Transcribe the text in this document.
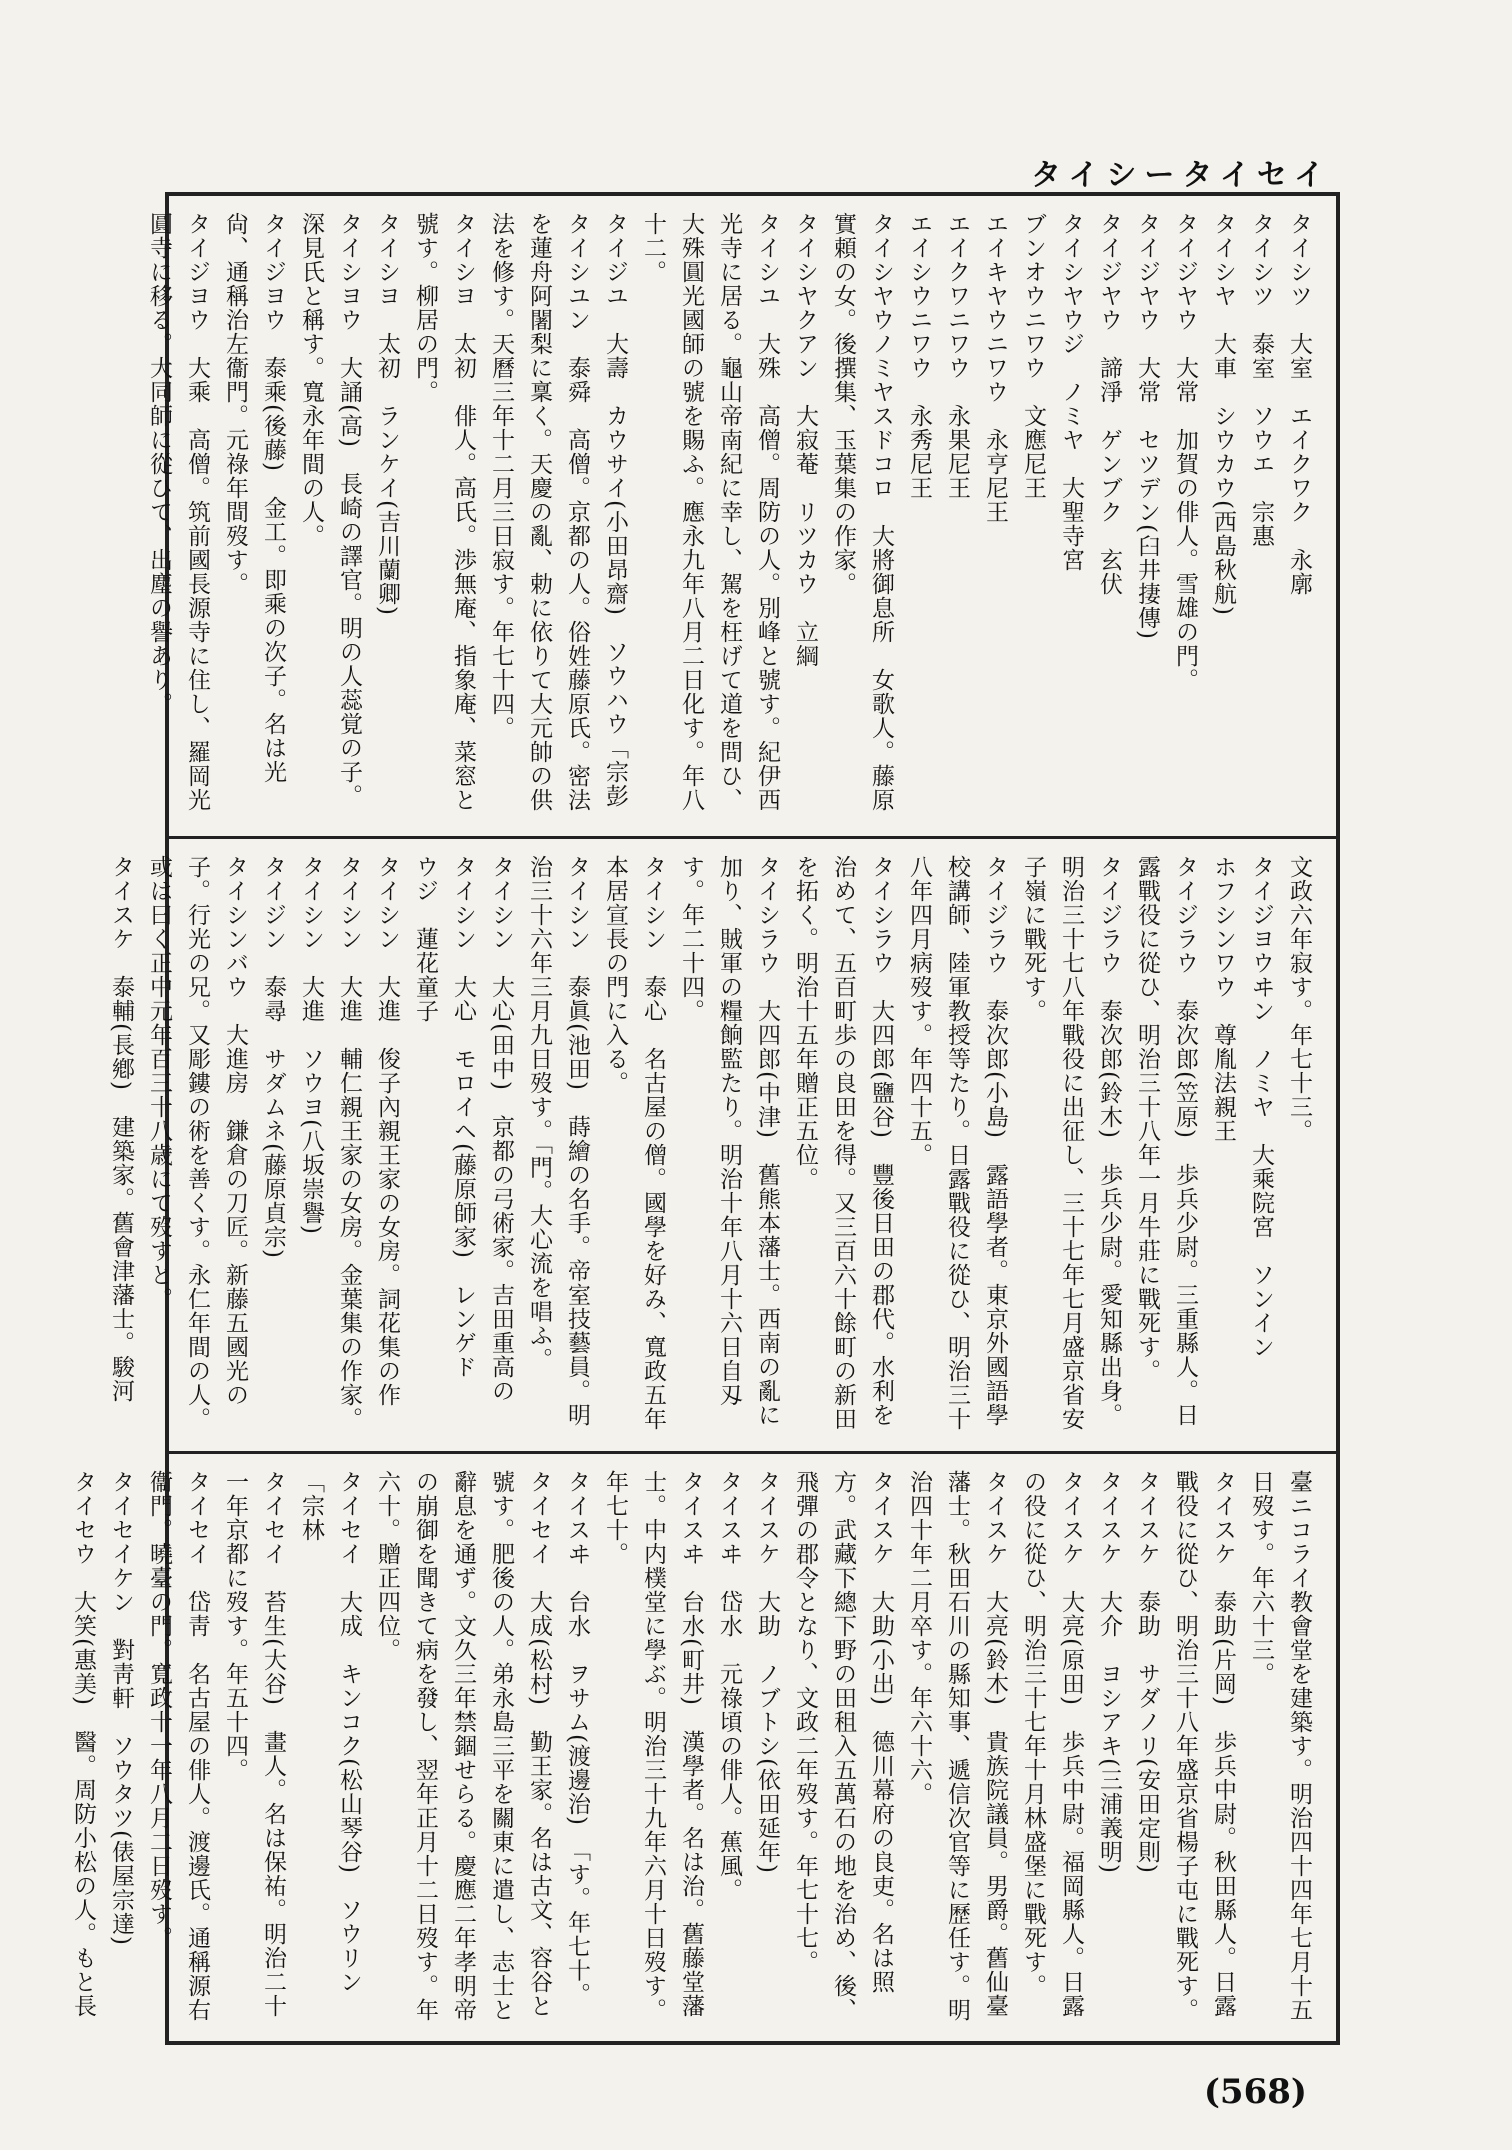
タイシータイセイ

タイシツ　大室　エイクワク　永廓

タイシツ　泰室　ソウエ　宗惠

タイシヤ　大車　シウカウ(西島秋航)

タイジヤウ　大常　加賀の俳人。雪雄の門。

タイジヤウ　大常　セツデン(臼井捿傳)

タイジヤウ　諦淨　ゲンブク　玄伏

タイシヤウジ　ノミヤ　大聖寺宮

ブンオウニワウ　文應尼王

エイキヤウニワウ　永亨尼王

エイクワニワウ　永果尼王

エイシウニワウ　永秀尼王

タイシヤウノミヤスドコロ　大將御息所　女歌人。藤原實頼の女。後撰集、玉葉集の作家。

タイシヤクアン　大寂菴　リツカウ　立綱

タイシユ　大殊　高僧。周防の人。別峰と號す。紀伊西光寺に居る。龜山帝南紀に幸し、駕を枉げて道を問ひ、大殊圓光國師の號を賜ふ。應永九年八月二日化す。年八十二。

タイジユ　大壽　カウサイ(小田昂齋)　ソウハウ「宗彭

タイシユン　泰舜　高僧。京都の人。俗姓藤原氏。密法を蓮舟阿闍梨に稟く。天慶の亂、勅に依りて大元帥の供法を修す。天曆三年十二月三日寂す。年七十四。

タイシヨ　太初　俳人。高氏。渉無庵、指象庵、菜窓と號す。柳居の門。

タイシヨ　太初　ランケイ(吉川蘭卿)

タイシヨウ　大誦(高)　長崎の譯官。明の人蕊覚の子。深見氏と稱す。寬永年間の人。

タイジヨウ　泰乘(後藤)　金工。即乘の次子。名は光尙、通稱治左衞門。元祿年間歿す。

タイジヨウ　大乘　高僧。筑前國長源寺に住し、羅岡光圓寺に移る。大同師に從ひて、出塵の譽あり。

文政六年寂す。年七十三。

タイジヨウヰン　ノミヤ　大乘院宮　ソンイン

ホフシンワウ　尊胤法親王

タイジラウ　泰次郎(笠原)　歩兵少尉。三重縣人。日露戰役に從ひ、明治三十八年一月牛莊に戰死す。

タイジラウ　泰次郎(鈴木)　歩兵少尉。愛知縣出身。明治三十七八年戰役に出征し、三十七年七月盛京省安子嶺に戰死す。

タイジラウ　泰次郎(小島)　露語學者。東京外國語學校講師、陸軍教授等たり。日露戰役に從ひ、明治三十八年四月病歿す。年四十五。

タイシラウ　大四郎(鹽谷)　豐後日田の郡代。水利を治めて、五百町歩の良田を得。又三百六十餘町の新田を拓く。明治十五年贈正五位。

タイシラウ　大四郎(中津)　舊熊本藩士。西南の亂に加り、賊軍の糧餉監たり。明治十年八月十六日自刄す。年二十四。

タイシン　泰心　名古屋の僧。國學を好み、寬政五年本居宣長の門に入る。

タイシン　泰眞(池田)　蒔繪の名手。帝室技藝員。明治三十六年三月九日歿す。「門。大心流を唱ふ。

タイシン　大心(田中)　京都の弓術家。吉田重高の

タイシン　大心　モロイヘ(藤原師家)　レンゲド

ウジ　蓮花童子

タイシン　大進　俊子內親王家の女房。詞花集の作

タイシン　大進　輔仁親王家の女房。金葉集の作家。

タイシン　大進　ソウヨ(八坂崇譽)

タイジン　泰尋　サダムネ(藤原貞宗)

タイシンバウ　大進房　鎌倉の刀匠。新藤五國光の子。行光の兄。又彫鏤の術を善くす。永仁年間の人。或は曰く正中元年百三十八歳にて歿すと。

タイスケ　泰輔(長鄕)　建築家。舊會津藩士。駿河

臺ニコライ教會堂を建築す。明治四十四年七月十五日歿す。年六十三。

タイスケ　泰助(片岡)　歩兵中尉。秋田縣人。日露戰役に從ひ、明治三十八年盛京省楊子屯に戰死す。

タイスケ　泰助　サダノリ(安田定則)

タイスケ　大介　ヨシアキ(三浦義明)

タイスケ　大亮(原田)　歩兵中尉。福岡縣人。日露の役に從ひ、明治三十七年十月林盛堡に戰死す。

タイスケ　大亮(鈴木)　貴族院議員。男爵。舊仙臺藩士。秋田石川の縣知事、遞信次官等に歷任す。明治四十年二月卒す。年六十六。

タイスケ　大助(小出)　德川幕府の良吏。名は照方。武藏下總下野の田租入五萬石の地を治め、後、飛彈の郡令となり、文政二年歿す。年七十七。

タイスケ　大助　ノブトシ(依田延年)

タイスヰ　岱水　元祿頃の俳人。蕉風。

タイスヰ　台水(町井)　漢學者。名は治。舊藤堂藩士。中内樸堂に學ぶ。明治三十九年六月十日歿す。年七十。

タイスヰ　台水　ヲサム(渡邊治)　「す。年七十。

タイセイ　大成(松村)　勤王家。名は古文、容谷と號す。肥後の人。弟永島三平を關東に遣し、志士と辭息を通ず。文久三年禁錮せらる。慶應二年孝明帝の崩御を聞きて病を發し、翌年正月十二日歿す。年六十。贈正四位。

タイセイ　大成　キンコク(松山琴谷)　ソウリン「宗林

タイセイ　苔生(大谷)　畫人。名は保祐。明治二十一年京都に歿す。年五十四。

タイセイ　岱靑　名古屋の俳人。渡邊氏。通稱源右衞門。曉臺の門。寬政十一年八月二日歿す。

タイセイケン　對靑軒　ソウタツ(俵屋宗達)

タイセウ　大笑(惠美)　醫。周防小松の人。もと長

(568)
